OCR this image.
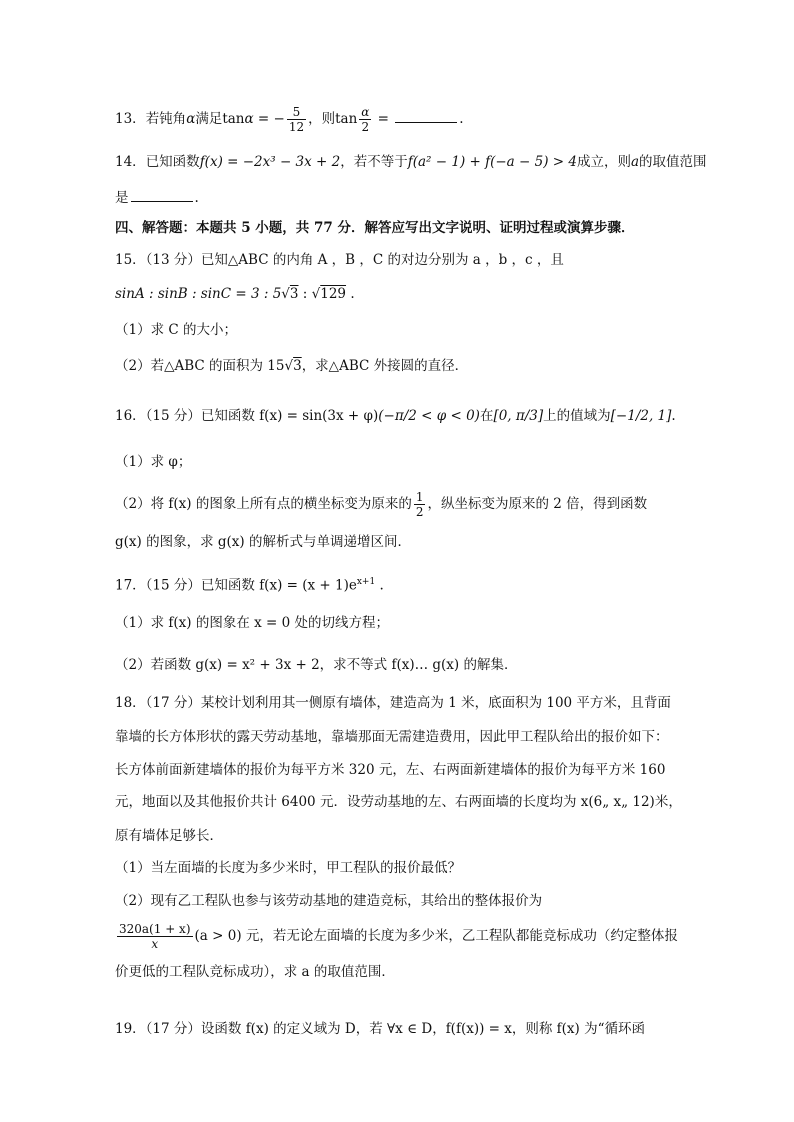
13．若钝角α满足tanα = − $\frac{5}{12}$ ，则$\tan \frac{\alpha}{2}$ =	.
14．已知函数f(x) = −2x³ − 3x + 2，若不等于f(a² − 1) + f(−a − 5) > 4成立，则a的取值范围
是	.
四、解答题：本题共 5 小题，共 77 分．解答应写出文字说明、证明过程或演算步骤．
15．（13 分）已知△ABC 的内角 A ，B ，C 的对边分别为 a ，b ，c ，且
sinA : sinB : sinC = 3 : 5√3 : √129 .
（1）求 C 的大小；
（2）若△ABC 的面积为 15√3，求△ABC 外接圆的直径．
16．（15 分）已知函数 f(x) = sin(3x + φ)(−π/2 < φ < 0)在[0, π/3]上的值域为[−1/2, 1].
（1）求 φ；
（2）将 f(x) 的图象上所有点的横坐标变为原来的 $\frac{1}{2}$ ，纵坐标变为原来的 2 倍，得到函数
g(x) 的图象，求 g(x) 的解析式与单调递增区间．
17．（15 分）已知函数 $f(x) = (x + 1)e^{x+1}$ .
（1）求 f(x) 的图象在 x = 0 处的切线方程；
（2）若函数 g(x) = x² + 3x + 2，求不等式 f(x)… g(x) 的解集．
18．（17 分）某校计划利用其一侧原有墙体，建造高为 1 米，底面积为 100 平方米，且背面
靠墙的长方体形状的露天劳动基地，靠墙那面无需建造费用，因此甲工程队给出的报价如下：
长方体前面新建墙体的报价为每平方米 320 元，左、右两面新建墙体的报价为每平方米 160
元，地面以及其他报价共计 6400 元．设劳动基地的左、右两面墙的长度均为 x(6„ x„ 12)米，
原有墙体足够长．
（1）当左面墙的长度为多少米时，甲工程队的报价最低？
（2）现有乙工程队也参与该劳动基地的建造竞标，其给出的整体报价为
$\frac{320a(1 + x)}{x} (a > 0)$ 元，若无论左面墙的长度为多少米，乙工程队都能竞标成功（约定整体报
价更低的工程队竞标成功），求 a 的取值范围．
19．（17 分）设函数 f(x) 的定义域为 D，若 ∀x ∈ D，f(f(x)) = x，则称 f(x) 为“循环函
